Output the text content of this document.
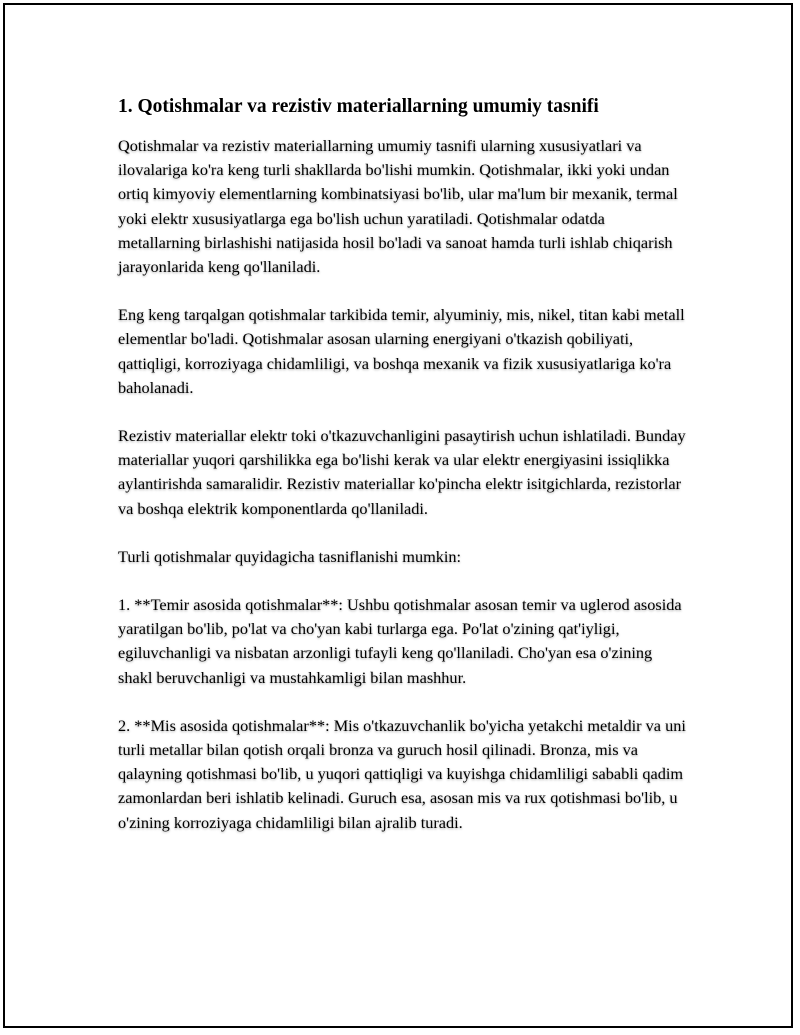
1. Qotishmalar va rezistiv materiallarning umumiy tasnifi

Qotishmalar va rezistiv materiallarning umumiy tasnifi ularning xususiyatlari va ilovalariga ko'ra keng turli shakllarda bo'lishi mumkin. Qotishmalar, ikki yoki undan ortiq kimyoviy elementlarning kombinatsiyasi bo'lib, ular ma'lum bir mexanik, termal yoki elektr xususiyatlarga ega bo'lish uchun yaratiladi. Qotishmalar odatda metallarning birlashishi natijasida hosil bo'ladi va sanoat hamda turli ishlab chiqarish jarayonlarida keng qo'llaniladi.

Eng keng tarqalgan qotishmalar tarkibida temir, alyuminiy, mis, nikel, titan kabi metall elementlar bo'ladi. Qotishmalar asosan ularning energiyani o'tkazish qobiliyati, qattiqligi, korroziyaga chidamliligi, va boshqa mexanik va fizik xususiyatlariga ko'ra baholanadi.

Rezistiv materiallar elektr toki o'tkazuvchanligini pasaytirish uchun ishlatiladi. Bunday materiallar yuqori qarshilikka ega bo'lishi kerak va ular elektr energiyasini issiqlikka aylantirishda samaralidir. Rezistiv materiallar ko'pincha elektr isitgichlarda, rezistorlar va boshqa elektrik komponentlarda qo'llaniladi.

Turli qotishmalar quyidagicha tasniflanishi mumkin:

1. **Temir asosida qotishmalar**: Ushbu qotishmalar asosan temir va uglerod asosida yaratilgan bo'lib, po'lat va cho'yan kabi turlarga ega. Po'lat o'zining qat'iyligi, egiluvchanligi va nisbatan arzonligi tufayli keng qo'llaniladi. Cho'yan esa o'zining shakl beruvchanligi va mustahkamligi bilan mashhur.

2. **Mis asosida qotishmalar**: Mis o'tkazuvchanlik bo'yicha yetakchi metaldir va uni turli metallar bilan qotish orqali bronza va guruch hosil qilinadi. Bronza, mis va qalayning qotishmasi bo'lib, u yuqori qattiqligi va kuyishga chidamliligi sababli qadim zamonlardan beri ishlatib kelinadi. Guruch esa, asosan mis va rux qotishmasi bo'lib, u o'zining korroziyaga chidamliligi bilan ajralib turadi.
